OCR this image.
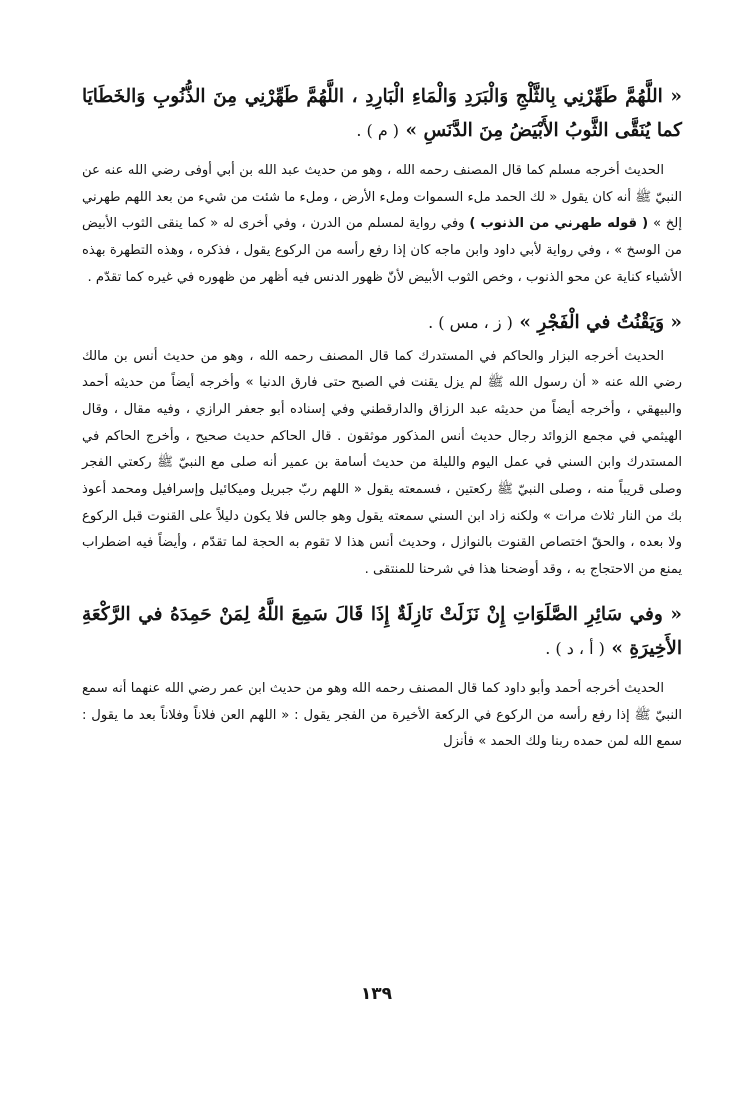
« اللَّهُمَّ طَهِّرْنِي بِالثَّلْجِ وَالْبَرَدِ وَالْمَاءِ الْبَارِدِ ، اللَّهُمَّ طَهِّرْنِي مِنَ الذُّنُوبِ وَالخَطَايَا كما يُنَقَّى الثَّوبُ الأَبْيَضُ مِنَ الدَّنَسِ » ( م ) .

الحديث أخرجه مسلم كما قال المصنف رحمه الله ، وهو من حديث عبد الله بن أبي أوفى رضي الله عنه عن النبيّ ﷺ أنه كان يقول « لك الحمد ملء السموات وملء الأرض ، وملء ما شئت من شيء من بعد اللهم طهرني إلخ » ( قوله طهرني من الذنوب ) وفي رواية لمسلم من الدرن ، وفي أخرى له « كما ينقى الثوب الأبيض من الوسخ » ، وفي رواية لأبي داود وابن ماجه كان إذا رفع رأسه من الركوع يقول ، فذكره ، وهذه التطهرة بهذه الأشياء كناية عن محو الذنوب ، وخص الثوب الأبيض لأنّ ظهور الدنس فيه أظهر من ظهوره في غيره كما تقدّم .

« وَيَقْنُتُ في الْفَجْرِ » ( ز ، مس ) .

الحديث أخرجه البزار والحاكم في المستدرك كما قال المصنف رحمه الله ، وهو من حديث أنس بن مالك رضي الله عنه « أن رسول الله ﷺ لم يزل يقنت في الصبح حتى فارق الدنيا » وأخرجه أيضاً من حديثه أحمد والبيهقي ، وأخرجه أيضاً من حديثه عبد الرزاق والدارقطني وفي إسناده أبو جعفر الرازي ، وفيه مقال ، وقال الهيثمي في مجمع الزوائد رجال حديث أنس المذكور موثقون . قال الحاكم حديث صحيح ، وأخرج الحاكم في المستدرك وابن السني في عمل اليوم والليلة من حديث أسامة بن عمير أنه صلى مع النبيّ ﷺ ركعتي الفجر وصلى قريباً منه ، وصلى النبيّ ﷺ ركعتين ، فسمعته يقول « اللهم ربّ جبريل وميكائيل وإسرافيل ومحمد أعوذ بك من النار ثلاث مرات » ولكنه زاد ابن السني سمعته يقول وهو جالس فلا يكون دليلاً على القنوت قبل الركوع ولا بعده ، والحقّ اختصاص القنوت بالنوازل ، وحديث أنس هذا لا تقوم به الحجة لما تقدّم ، وأيضاً فيه اضطراب يمنع من الاحتجاج به ، وقد أوضحنا هذا في شرحنا للمنتقى .

« وفي سَائِرِ الصَّلَوَاتِ إِنْ نَزَلَتْ نَازِلَةٌ إِذَا قَالَ سَمِعَ اللَّهُ لِمَنْ حَمِدَهُ في الرَّكْعَةِ الأَخِيرَةِ » ( أ ، د ) .

الحديث أخرجه أحمد وأبو داود كما قال المصنف رحمه الله وهو من حديث ابن عمر رضي الله عنهما أنه سمع النبيّ ﷺ إذا رفع رأسه من الركوع في الركعة الأخيرة من الفجر يقول : « اللهم العن فلاناً وفلاناً بعد ما يقول : سمع الله لمن حمده ربنا ولك الحمد » فأنزل

١٣٩
